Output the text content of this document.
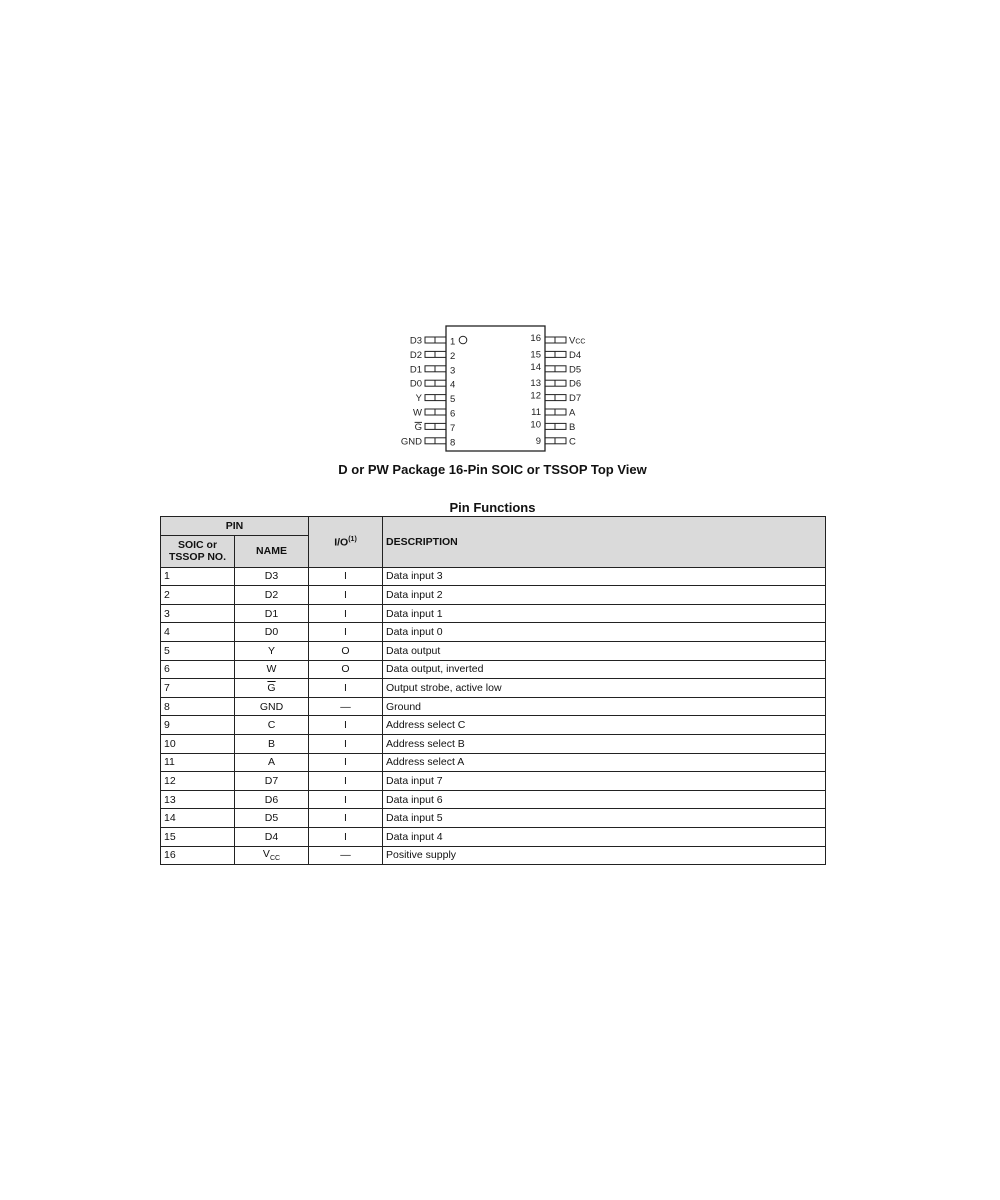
D3	1
D2	2
D1	3
D0	4
Y	5
W	6
G	7
GND	8
VCC
16
D4
15
D5
14
D6
13
D7
12
A
11
B
10
C
9
D or PW Package 16-Pin SOIC or TSSOP Top View
Pin Functions
PIN		$I/O^{(1)}$	DESCRIPTION
SOIC or TSSOP NO.	NAME		
1	D3	I	Data input 3
2	D2	I	Data input 2
3	D1	I	Data input 1
4	D0	I	Data input 0
5	Y	O	Data output
6	W	O	Data output, inverted
7	$\overline{G}$	I	Output strobe, active low
8	GND	—	Ground
9	C	I	Address select C
10	B	I	Address select B
11	A	I	Address select A
12	D7	I	Data input 7
13	D6	I	Data input 6
14	D5	I	Data input 5
15	D4	I	Data input 4
16	$V_{CC}$	—	Positive supply
